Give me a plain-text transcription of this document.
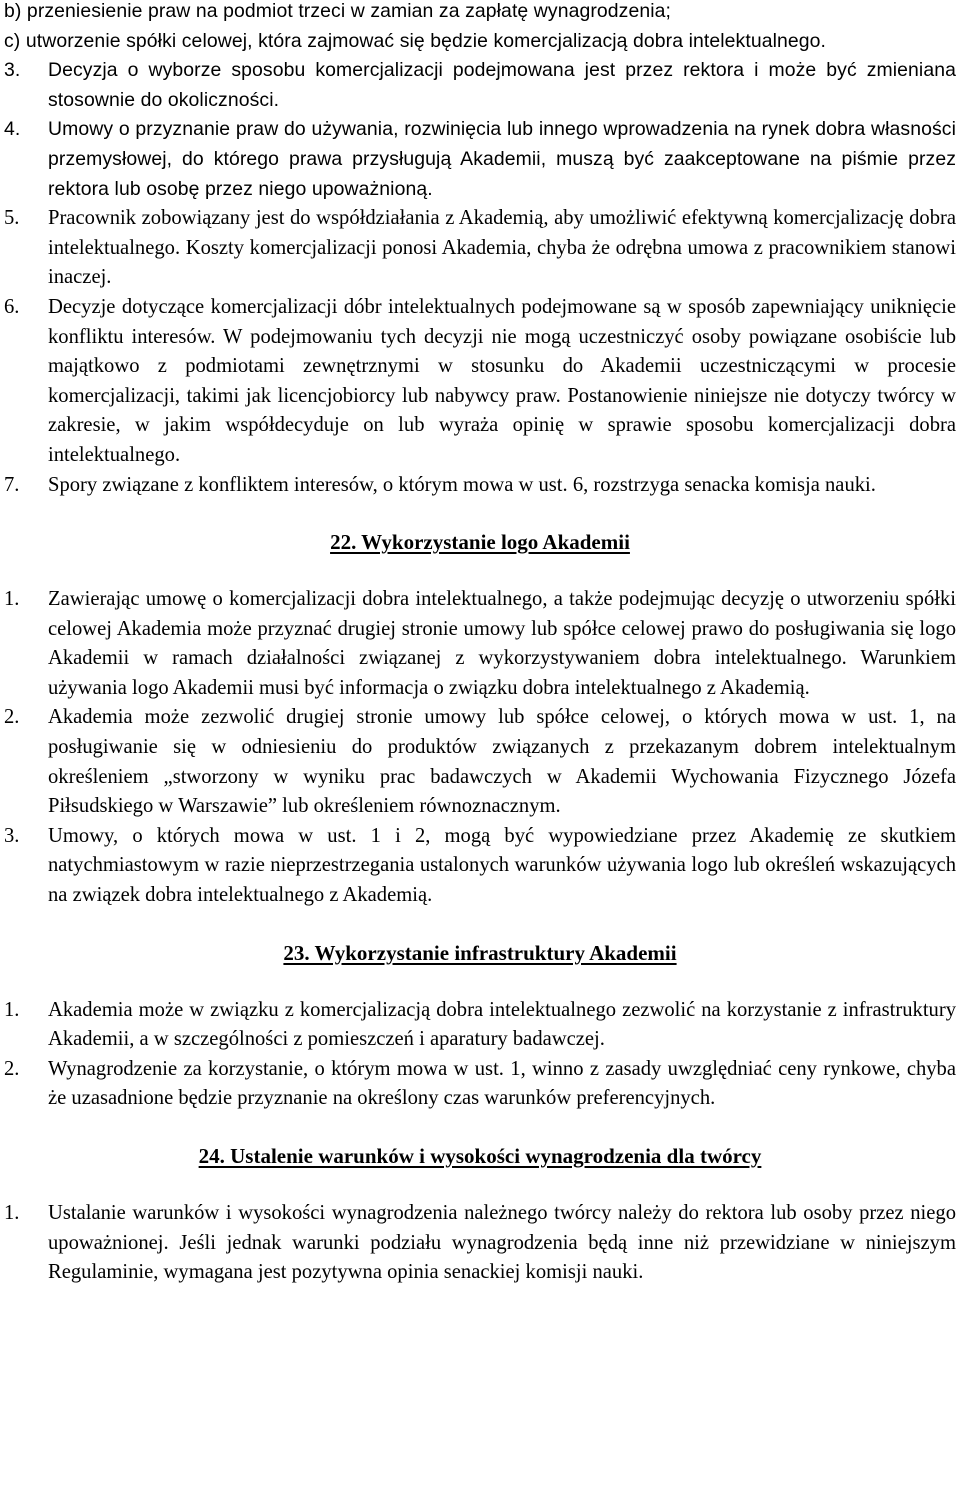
b) przeniesienie praw na podmiot trzeci w zamian za zapłatę wynagrodzenia;
c) utworzenie spółki celowej, która zajmować się będzie komercjalizacją dobra intelektualnego.
3. Decyzja o wyborze sposobu komercjalizacji podejmowana jest przez rektora i może być zmieniana stosownie do okoliczności.
4. Umowy o przyznanie praw do używania, rozwinięcia lub innego wprowadzenia na rynek dobra własności przemysłowej, do którego prawa przysługują Akademii, muszą być zaakceptowane na piśmie przez rektora lub osobę przez niego upoważnioną.
5. Pracownik zobowiązany jest do współdziałania z Akademią, aby umożliwić efektywną komercjalizację dobra intelektualnego. Koszty komercjalizacji ponosi Akademia, chyba że odrębna umowa z pracownikiem stanowi inaczej.
6. Decyzje dotyczące komercjalizacji dóbr intelektualnych podejmowane są w sposób zapewniający uniknięcie konfliktu interesów. W podejmowaniu tych decyzji nie mogą uczestniczyć osoby powiązane osobiście lub majątkowo z podmiotami zewnętrznymi w stosunku do Akademii uczestniczącymi w procesie komercjalizacji, takimi jak licencjobiorcy lub nabywcy praw. Postanowienie niniejsze nie dotyczy twórcy w zakresie, w jakim współdecyduje on lub wyraża opinię w sprawie sposobu komercjalizacji dobra intelektualnego.
7. Spory związane z konfliktem interesów, o którym mowa w ust. 6, rozstrzyga senacka komisja nauki.
22. Wykorzystanie logo Akademii
1. Zawierając umowę o komercjalizacji dobra intelektualnego, a także podejmując decyzję o utworzeniu spółki celowej Akademia może przyznać drugiej stronie umowy lub spółce celowej prawo do posługiwania się logo Akademii w ramach działalności związanej z wykorzystywaniem dobra intelektualnego. Warunkiem używania logo Akademii musi być informacja o związku dobra intelektualnego z Akademią.
2. Akademia może zezwolić drugiej stronie umowy lub spółce celowej, o których mowa w ust. 1, na posługiwanie się w odniesieniu do produktów związanych z przekazanym dobrem intelektualnym określeniem „stworzony w wyniku prac badawczych w Akademii Wychowania Fizycznego Józefa Piłsudskiego w Warszawie” lub określeniem równoznacznym.
3. Umowy, o których mowa w ust. 1 i 2, mogą być wypowiedziane przez Akademię ze skutkiem natychmiastowym w razie nieprzestrzegania ustalonych warunków używania logo lub określeń wskazujących na związek dobra intelektualnego z Akademią.
23. Wykorzystanie infrastruktury Akademii
1. Akademia może w związku z komercjalizacją dobra intelektualnego zezwolić na korzystanie z infrastruktury Akademii, a w szczególności z pomieszczeń i aparatury badawczej.
2. Wynagrodzenie za korzystanie, o którym mowa w ust. 1, winno z zasady uwzględniać ceny rynkowe, chyba że uzasadnione będzie przyznanie na określony czas warunków preferencyjnych.
24. Ustalenie warunków i wysokości wynagrodzenia dla twórcy
1. Ustalanie warunków i wysokości wynagrodzenia należnego twórcy należy do rektora lub osoby przez niego upoważnionej. Jeśli jednak warunki podziału wynagrodzenia będą inne niż przewidziane w niniejszym Regulaminie, wymagana jest pozytywna opinia senackiej komisji nauki.
